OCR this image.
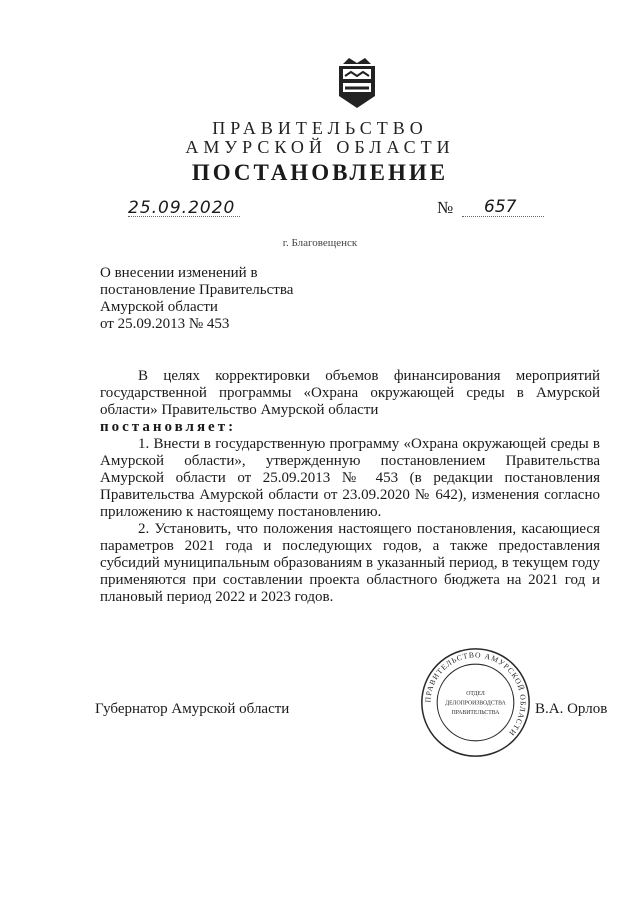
ПРАВИТЕЛЬСТВО
АМУРСКОЙ ОБЛАСТИ
ПОСТАНОВЛЕНИЕ
25.09.2020	№ 657
г. Благовещенск
О внесении изменений в
постановление Правительства
Амурской области
от 25.09.2013 № 453

В целях корректировки объемов финансирования мероприятий государственной программы «Охрана окружающей среды в Амурской области» Правительство Амурской области

постановляет:

1. Внести в государственную программу «Охрана окружающей среды в Амурской области», утвержденную постановлением Правительства Амурской области от 25.09.2013 № 453 (в редакции постановления Правительства Амурской области от 23.09.2020 № 642), изменения согласно приложению к настоящему постановлению.

2. Установить, что положения настоящего постановления, касающиеся параметров 2021 года и последующих годов, а также предоставления субсидий муниципальным образованиям в указанный период, в текущем году применяются при составлении проекта областного бюджета на 2021 год и плановый период 2022 и 2023 годов.

Губернатор Амурской области	В.А. Орлов
ПРАВИТЕЛЬСТВО АМУРСКОЙ ОБЛАСТИ
ОТДЕЛ
ДЕЛОПРОИЗВОДСТВА
ПРАВИТЕЛЬСТВА
